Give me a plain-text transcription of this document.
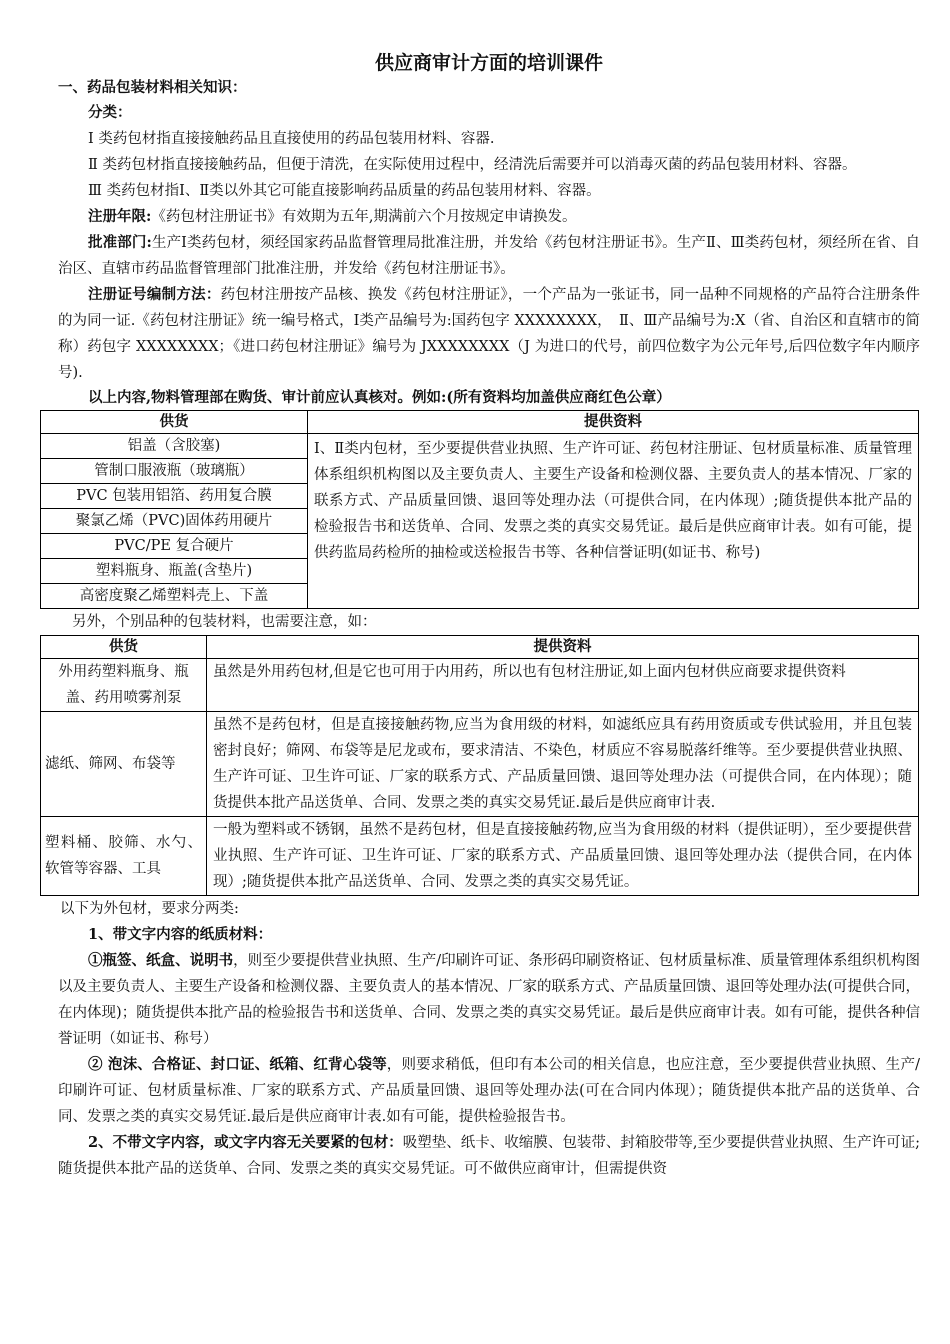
供应商审计方面的培训课件
一、药品包装材料相关知识：

分类：

Ⅰ 类药包材指直接接触药品且直接使用的药品包装用材料、容器.

Ⅱ 类药包材指直接接触药品，但便于清洗，在实际使用过程中，经清洗后需要并可以消毒灭菌的药品包装用材料、容器。

Ⅲ 类药包材指Ⅰ、Ⅱ类以外其它可能直接影响药品质量的药品包装用材料、容器。

注册年限:《药包材注册证书》有效期为五年,期满前六个月按规定申请换发。

批准部门:生产Ⅰ类药包材，须经国家药品监督管理局批准注册，并发给《药包材注册证书》。生产Ⅱ、Ⅲ类药包材，须经所在省、自治区、直辖市药品监督管理部门批准注册，并发给《药包材注册证书》。

注册证号编制方法：药包材注册按产品核、换发《药包材注册证》，一个产品为一张证书，同一品种不同规格的产品符合注册条件的为同一证.《药包材注册证》统一编号格式，Ⅰ类产品编号为:国药包字 XXXXXXXX，　Ⅱ、Ⅲ产品编号为:X（省、自治区和直辖市的简称）药包字 XXXXXXXX；《进口药包材注册证》编号为 JXXXXXXXX（J 为进口的代号，前四位数字为公元年号,后四位数字年内顺序号).

以上内容,物料管理部在购货、审计前应认真核对。例如:(所有资料均加盖供应商红色公章）

供货	提供资料
铝盖（含胶塞)	Ⅰ、Ⅱ类内包材，至少要提供营业执照、生产许可证、药包材注册证、包材质量标准、质量管理体系组织机构图以及主要负责人、主要生产设备和检测仪器、主要负责人的基本情况、厂家的联系方式、产品质量回馈、退回等处理办法（可提供合同，在内体现）;随货提供本批产品的检验报告书和送货单、合同、发票之类的真实交易凭证。最后是供应商审计表。如有可能，提供药监局药检所的抽检或送检报告书等、各种信誉证明(如证书、称号)
管制口服液瓶（玻璃瓶）	
PVC 包装用铝箔、药用复合膜	
聚氯乙烯（PVC)固体药用硬片	
PVC/PE 复合硬片	
塑料瓶身、瓶盖(含垫片)	
高密度聚乙烯塑料壳上、下盖	

另外，个别品种的包装材料，也需要注意，如：

供货	提供资料
外用药塑料瓶身、瓶盖、药用喷雾剂泵	虽然是外用药包材,但是它也可用于内用药，所以也有包材注册证,如上面内包材供应商要求提供资料
滤纸、筛网、布袋等	虽然不是药包材，但是直接接触药物,应当为食用级的材料，如滤纸应具有药用资质或专供试验用，并且包装密封良好；筛网、布袋等是尼龙或布，要求清洁、不染色，材质应不容易脱落纤维等。至少要提供营业执照、生产许可证、卫生许可证、厂家的联系方式、产品质量回馈、退回等处理办法（可提供合同，在内体现）；随货提供本批产品送货单、合同、发票之类的真实交易凭证.最后是供应商审计表.
塑料桶、胶筛、水勺、软管等容器、工具	一般为塑料或不锈钢，虽然不是药包材，但是直接接触药物,应当为食用级的材料（提供证明），至少要提供营业执照、生产许可证、卫生许可证、厂家的联系方式、产品质量回馈、退回等处理办法（提供合同，在内体现）;随货提供本批产品送货单、合同、发票之类的真实交易凭证。

以下为外包材，要求分两类:

1、带文字内容的纸质材料：

①瓶签、纸盒、说明书，则至少要提供营业执照、生产/印刷许可证、条形码印刷资格证、包材质量标准、质量管理体系组织机构图以及主要负责人、主要生产设备和检测仪器、主要负责人的基本情况、厂家的联系方式、产品质量回馈、退回等处理办法(可提供合同，在内体现)；随货提供本批产品的检验报告书和送货单、合同、发票之类的真实交易凭证。最后是供应商审计表。如有可能，提供各种信誉证明（如证书、称号）

② 泡沫、合格证、封口证、纸箱、红背心袋等，则要求稍低，但印有本公司的相关信息，也应注意，至少要提供营业执照、生产/印刷许可证、包材质量标准、厂家的联系方式、产品质量回馈、退回等处理办法(可在合同内体现）；随货提供本批产品的送货单、合同、发票之类的真实交易凭证.最后是供应商审计表.如有可能，提供检验报告书。

2、不带文字内容，或文字内容无关要紧的包材：吸塑垫、纸卡、收缩膜、包装带、封箱胶带等,至少要提供营业执照、生产许可证;随货提供本批产品的送货单、合同、发票之类的真实交易凭证。可不做供应商审计，但需提供资
